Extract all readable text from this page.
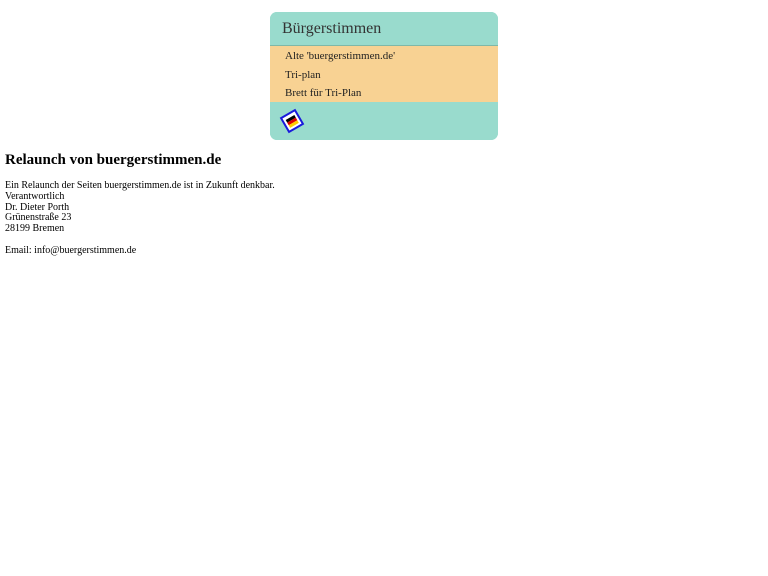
Bürgerstimmen
Alte 'buergerstimmen.de'
Tri-plan
Brett für Tri-Plan
Relaunch von buergerstimmen.de
Ein Relaunch der Seiten buergerstimmen.de ist in Zukunft denkbar.
Verantwortlich
Dr. Dieter Porth
Grünenstraße 23
28199 Bremen
Email: info@buergerstimmen.de
